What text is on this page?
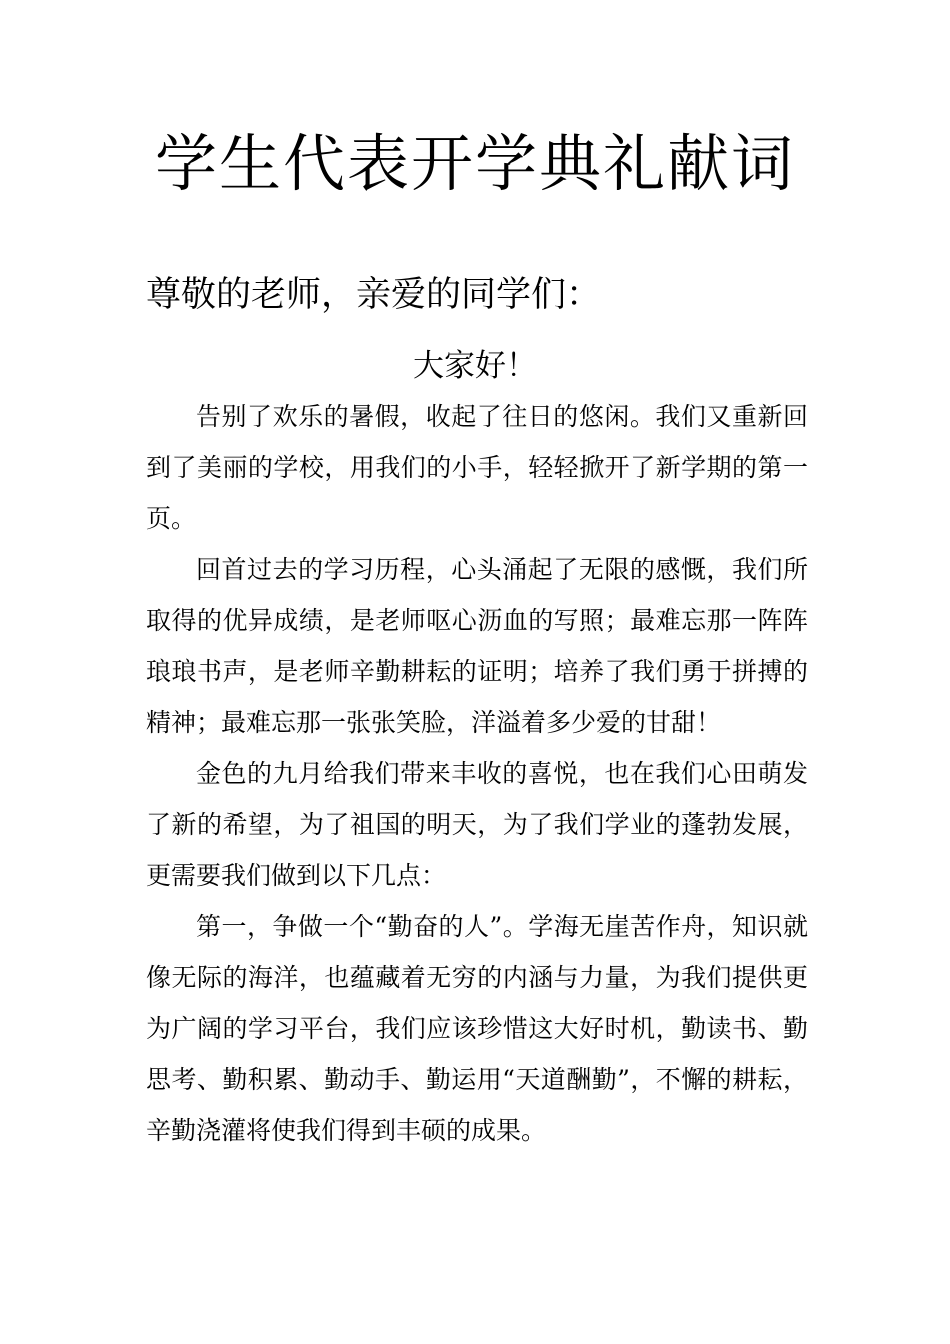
学生代表开学典礼献词

尊敬的老师，亲爱的同学们：

大家好！

告别了欢乐的暑假，收起了往日的悠闲。我们又重新回到了美丽的学校，用我们的小手，轻轻掀开了新学期的第一页。

回首过去的学习历程，心头涌起了无限的感慨，我们所取得的优异成绩，是老师呕心沥血的写照；最难忘那一阵阵琅琅书声，是老师辛勤耕耘的证明；培养了我们勇于拼搏的精神；最难忘那一张张笑脸，洋溢着多少爱的甘甜！

金色的九月给我们带来丰收的喜悦，也在我们心田萌发了新的希望，为了祖国的明天，为了我们学业的蓬勃发展，更需要我们做到以下几点：

第一，争做一个“勤奋的人”。学海无崖苦作舟，知识就像无际的海洋，也蕴藏着无穷的内涵与力量，为我们提供更为广阔的学习平台，我们应该珍惜这大好时机，勤读书、勤思考、勤积累、勤动手、勤运用“天道酬勤”，不懈的耕耘，辛勤浇灌将使我们得到丰硕的成果。
